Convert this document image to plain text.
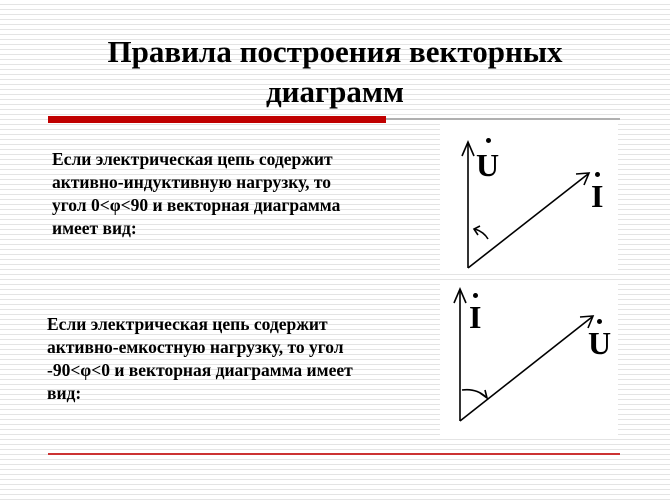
Правила построения векторных
диаграмм
Если электрическая цепь содержит
активно-индуктивную нагрузку, то
угол 0<φ<90 и векторная диаграмма
имеет вид:
U
I
Если электрическая цепь содержит
активно-емкостную нагрузку, то угол
-90<φ<0 и векторная диаграмма имеет
вид:
I
U
